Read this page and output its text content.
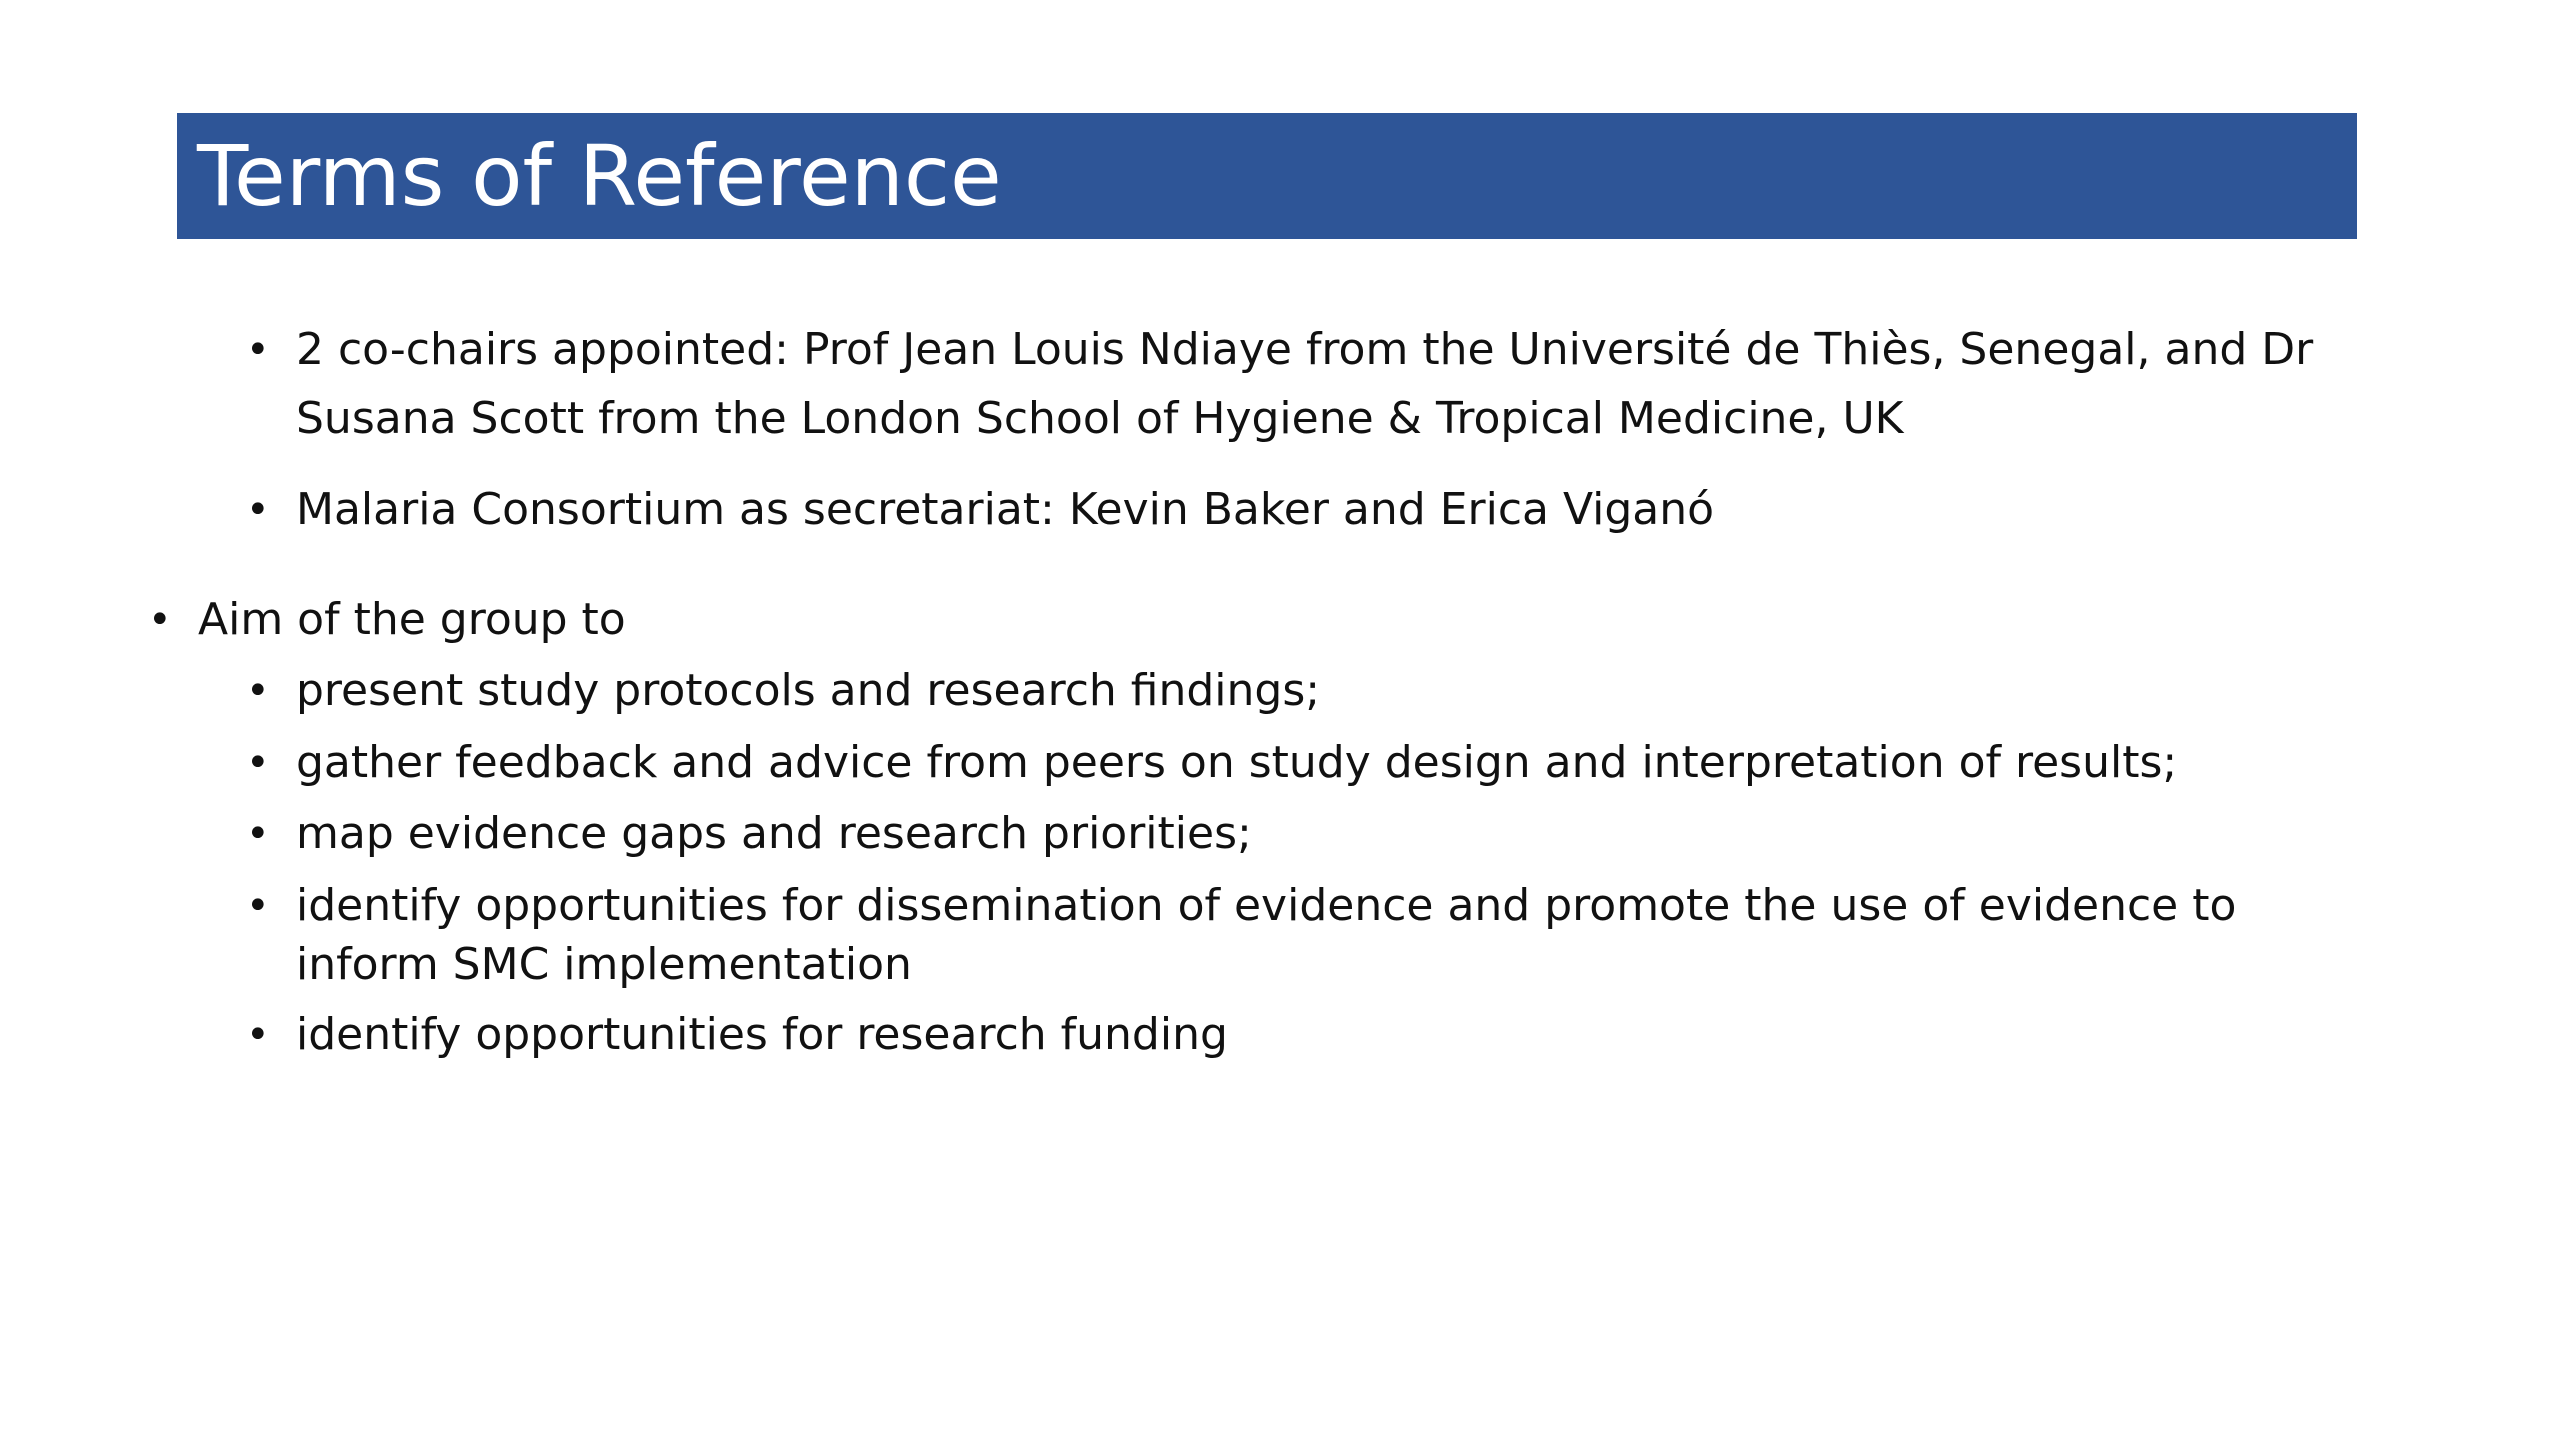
Terms of Reference
• 2 co-chairs appointed: Prof Jean Louis Ndiaye from the Université de Thiès, Senegal, and Dr
Susana Scott from the London School of Hygiene & Tropical Medicine, UK
• Malaria Consortium as secretariat: Kevin Baker and Erica Viganó
• Aim of the group to
• present study protocols and research findings;
• gather feedback and advice from peers on study design and interpretation of results;
• map evidence gaps and research priorities;
• identify opportunities for dissemination of evidence and promote the use of evidence to
inform SMC implementation
• identify opportunities for research funding
